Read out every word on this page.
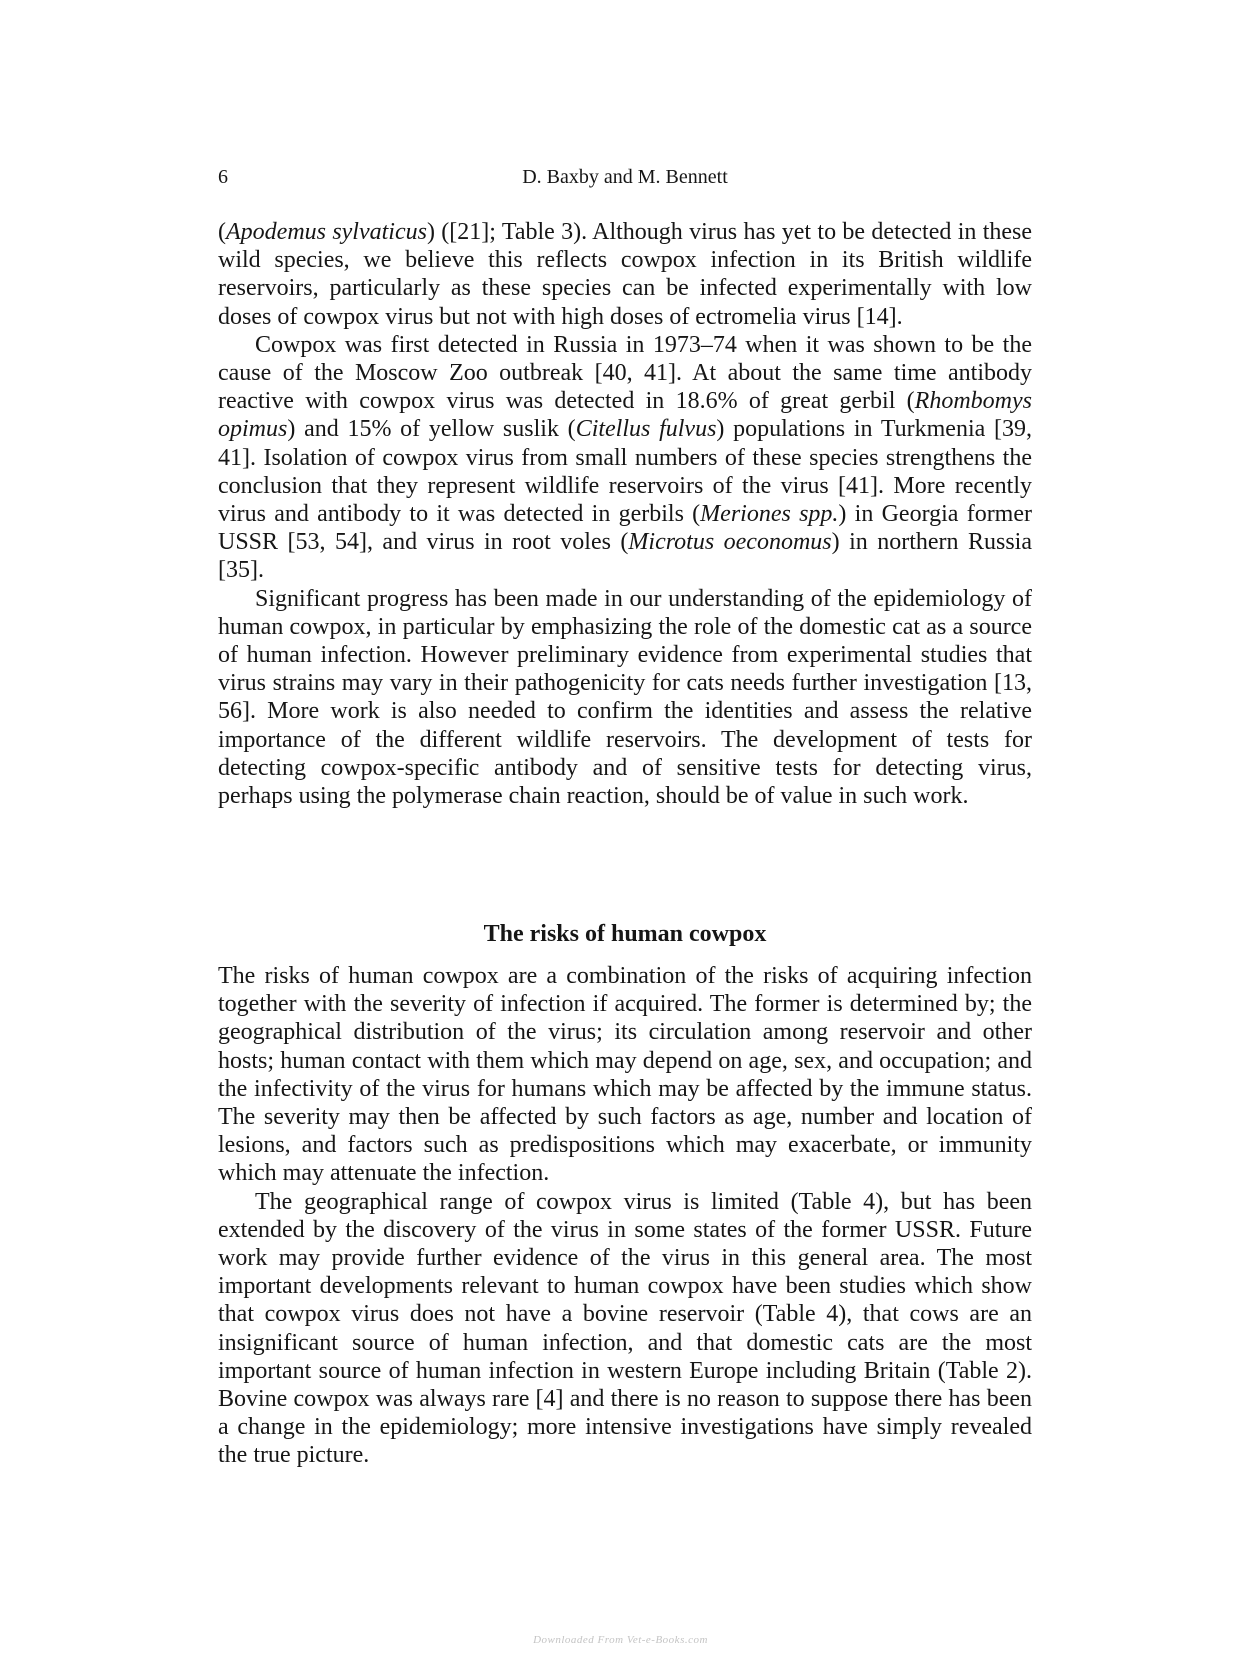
6	D. Baxby and M. Bennett

(Apodemus sylvaticus) ([21]; Table 3). Although virus has yet to be detected in these wild species, we believe this reflects cowpox infection in its British wildlife reservoirs, particularly as these species can be infected experimentally with low doses of cowpox virus but not with high doses of ectromelia virus [14].

Cowpox was first detected in Russia in 1973–74 when it was shown to be the cause of the Moscow Zoo outbreak [40, 41]. At about the same time antibody reactive with cowpox virus was detected in 18.6% of great gerbil (Rhombomys opimus) and 15% of yellow suslik (Citellus fulvus) populations in Turkmenia [39, 41]. Isolation of cowpox virus from small numbers of these species strengthens the conclusion that they represent wildlife reservoirs of the virus [41]. More recently virus and antibody to it was detected in gerbils (Meriones spp.) in Georgia former USSR [53, 54], and virus in root voles (Microtus oeconomus) in northern Russia [35].

Significant progress has been made in our understanding of the epidemiology of human cowpox, in particular by emphasizing the role of the domestic cat as a source of human infection. However preliminary evidence from experimental studies that virus strains may vary in their pathogenicity for cats needs further investigation [13, 56]. More work is also needed to confirm the identities and assess the relative importance of the different wildlife reservoirs. The development of tests for detecting cowpox-specific antibody and of sensitive tests for detecting virus, perhaps using the polymerase chain reaction, should be of value in such work.

The risks of human cowpox

The risks of human cowpox are a combination of the risks of acquiring infection together with the severity of infection if acquired. The former is determined by; the geographical distribution of the virus; its circulation among reservoir and other hosts; human contact with them which may depend on age, sex, and occupation; and the infectivity of the virus for humans which may be affected by the immune status. The severity may then be affected by such factors as age, number and location of lesions, and factors such as predispositions which may exacerbate, or immunity which may attenuate the infection.

The geographical range of cowpox virus is limited (Table 4), but has been extended by the discovery of the virus in some states of the former USSR. Future work may provide further evidence of the virus in this general area. The most important developments relevant to human cowpox have been studies which show that cowpox virus does not have a bovine reservoir (Table 4), that cows are an insignificant source of human infection, and that domestic cats are the most important source of human infection in western Europe including Britain (Table 2). Bovine cowpox was always rare [4] and there is no reason to suppose there has been a change in the epidemiology; more intensive investigations have simply revealed the true picture.

Downloaded From Vet-e-Books.com
